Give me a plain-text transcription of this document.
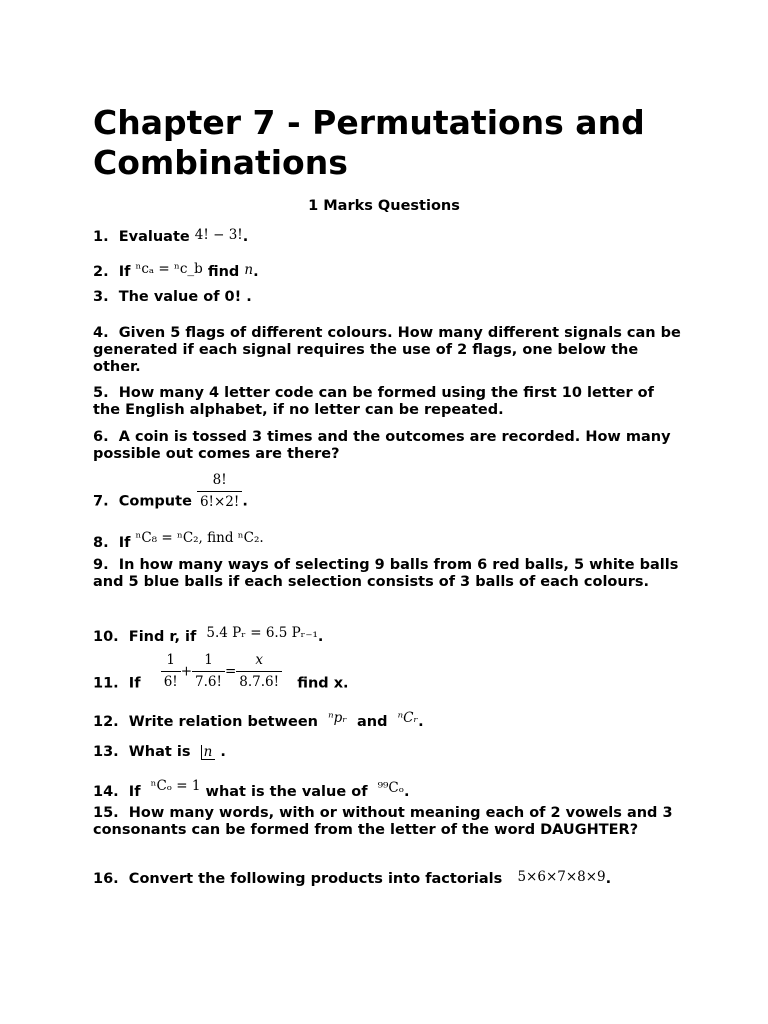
Chapter 7 - Permutations and Combinations
1 Marks Questions
1. Evaluate 4! − 3!.
2. If ⁿcₐ = ⁿc_b find n.
3. The value of 0! .
4. Given 5 flags of different colours. How many different signals can be generated if each signal requires the use of 2 flags, one below the other.
5. How many 4 letter code can be formed using the first 10 letter of the English alphabet, if no letter can be repeated.
6. A coin is tossed 3 times and the outcomes are recorded. How many possible out comes are there?
7. Compute $\frac{8!}{6!\times 2!}$ .
8. If ⁿC₈ = ⁿC₂, find ⁿC₂.
9. In how many ways of selecting 9 balls from 6 red balls, 5 white balls and 5 blue balls if each selection consists of 3 balls of each colours.
10. Find r, if 5.4 Pᵣ = 6.5 Pᵣ₋₁.
11. If $\frac{1}{6!} + \frac{1}{7.6!} = \frac{x}{8.7.6!}$ find x.
12. Write relation between ⁿpᵣ and ⁿCᵣ.
13. What is n .
14. If ⁿCₒ = 1 what is the value of ⁹⁹Cₒ.
15. How many words, with or without meaning each of 2 vowels and 3 consonants can be formed from the letter of the word DAUGHTER?
16. Convert the following products into factorials 5×6×7×8×9.
